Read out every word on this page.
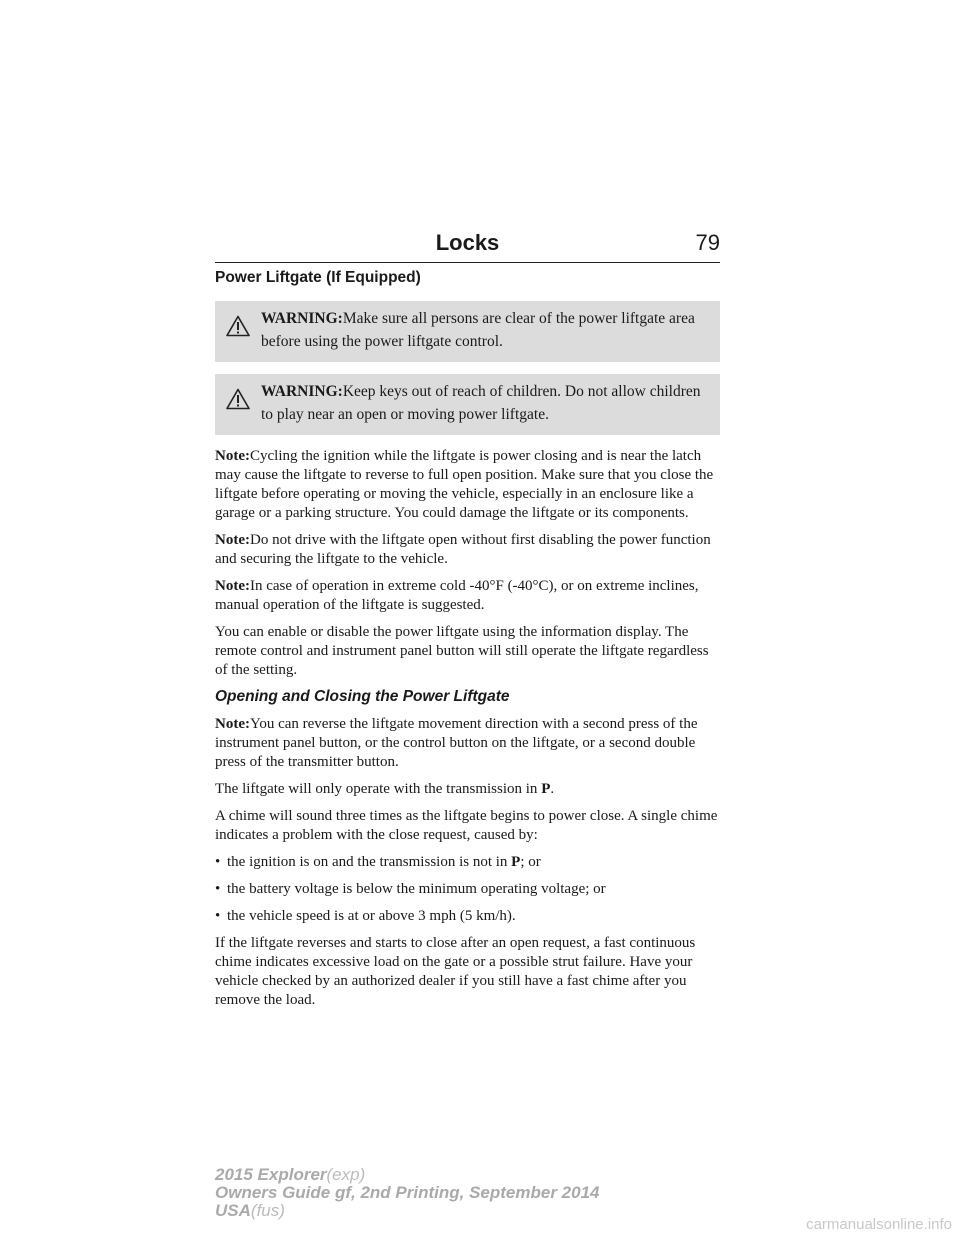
Locks	79
Power Liftgate (If Equipped)
WARNING:Make sure all persons are clear of the power liftgate area before using the power liftgate control.
WARNING:Keep keys out of reach of children. Do not allow children to play near an open or moving power liftgate.

Note:Cycling the ignition while the liftgate is power closing and is near the latch may cause the liftgate to reverse to full open position. Make sure that you close the liftgate before operating or moving the vehicle, especially in an enclosure like a garage or a parking structure. You could damage the liftgate or its components.

Note:Do not drive with the liftgate open without first disabling the power function and securing the liftgate to the vehicle.

Note:In case of operation in extreme cold -40°F (-40°C), or on extreme inclines, manual operation of the liftgate is suggested.

You can enable or disable the power liftgate using the information display. The remote control and instrument panel button will still operate the liftgate regardless of the setting.

Opening and Closing the Power Liftgate

Note:You can reverse the liftgate movement direction with a second press of the instrument panel button, or the control button on the liftgate, or a second double press of the transmitter button.

The liftgate will only operate with the transmission in P.

A chime will sound three times as the liftgate begins to power close. A single chime indicates a problem with the close request, caused by:

• the ignition is on and the transmission is not in P; or
• the battery voltage is below the minimum operating voltage; or
• the vehicle speed is at or above 3 mph (5 km/h).

If the liftgate reverses and starts to close after an open request, a fast continuous chime indicates excessive load on the gate or a possible strut failure. Have your vehicle checked by an authorized dealer if you still have a fast chime after you remove the load.

2015 Explorer(exp)
Owners Guide gf, 2nd Printing, September 2014
USA(fus)
carmanualsonline.info
